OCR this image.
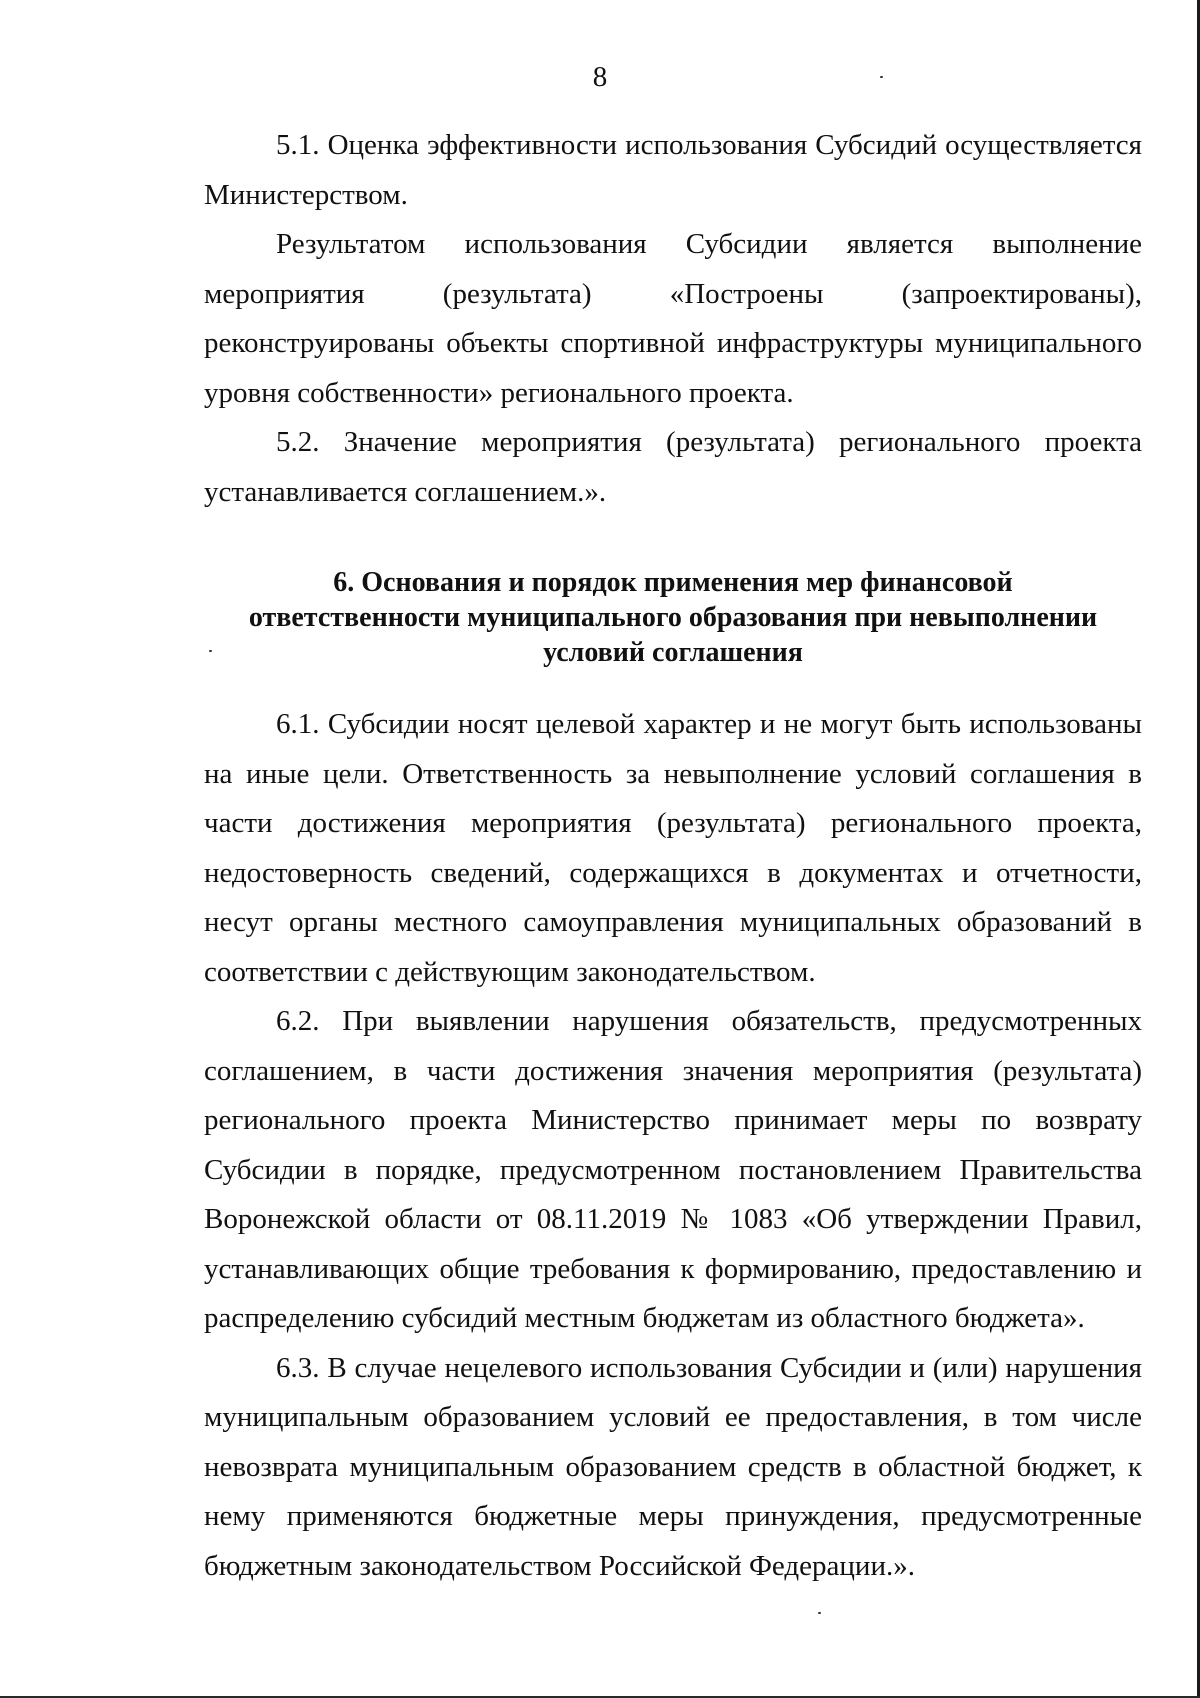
8

5.1. Оценка эффективности использования Субсидий осуществляется Министерством.

Результатом использования Субсидии является выполнение мероприятия (результата) «Построены (запроектированы), реконструированы объекты спортивной инфраструктуры муниципального уровня собственности» регионального проекта.

5.2. Значение мероприятия (результата) регионального проекта устанавливается соглашением.».

6. Основания и порядок применения мер финансовой
ответственности муниципального образования при невыполнении
условий соглашения

6.1. Субсидии носят целевой характер и не могут быть использованы на иные цели. Ответственность за невыполнение условий соглашения в части достижения мероприятия (результата) регионального проекта, недостоверность сведений, содержащихся в документах и отчетности, несут органы местного самоуправления муниципальных образований в соответствии с действующим законодательством.

6.2. При выявлении нарушения обязательств, предусмотренных соглашением, в части достижения значения мероприятия (результата) регионального проекта Министерство принимает меры по возврату Субсидии в порядке, предусмотренном постановлением Правительства Воронежской области от 08.11.2019 № 1083 «Об утверждении Правил, устанавливающих общие требования к формированию, предоставлению и распределению субсидий местным бюджетам из областного бюджета».

6.3. В случае нецелевого использования Субсидии и (или) нарушения муниципальным образованием условий ее предоставления, в том числе невозврата муниципальным образованием средств в областной бюджет, к нему применяются бюджетные меры принуждения, предусмотренные бюджетным законодательством Российской Федерации.».
